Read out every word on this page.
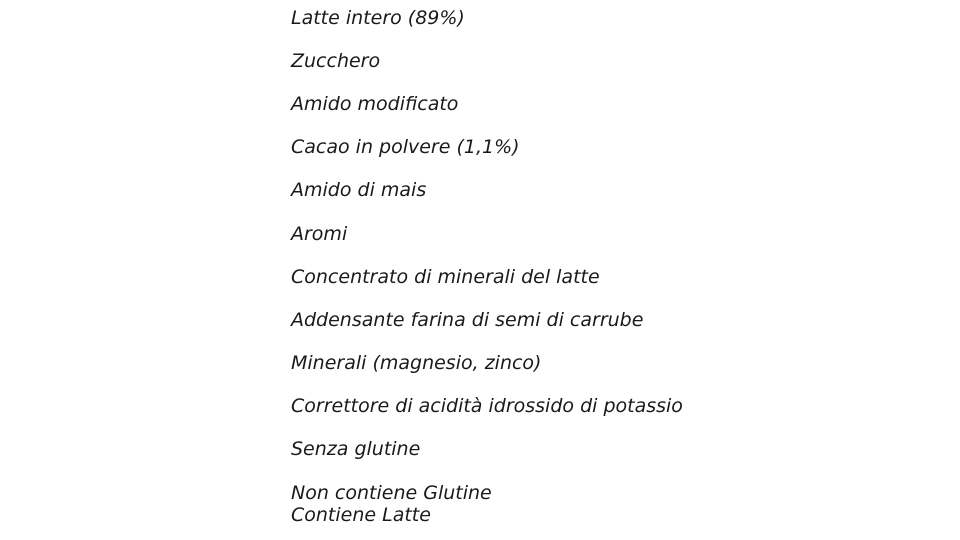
Latte intero (89%)
Zucchero
Amido modificato
Cacao in polvere (1,1%)
Amido di mais
Aromi
Concentrato di minerali del latte
Addensante farina di semi di carrube
Minerali (magnesio, zinco)
Correttore di acidità idrossido di potassio
Senza glutine
Non contiene Glutine
Contiene Latte
